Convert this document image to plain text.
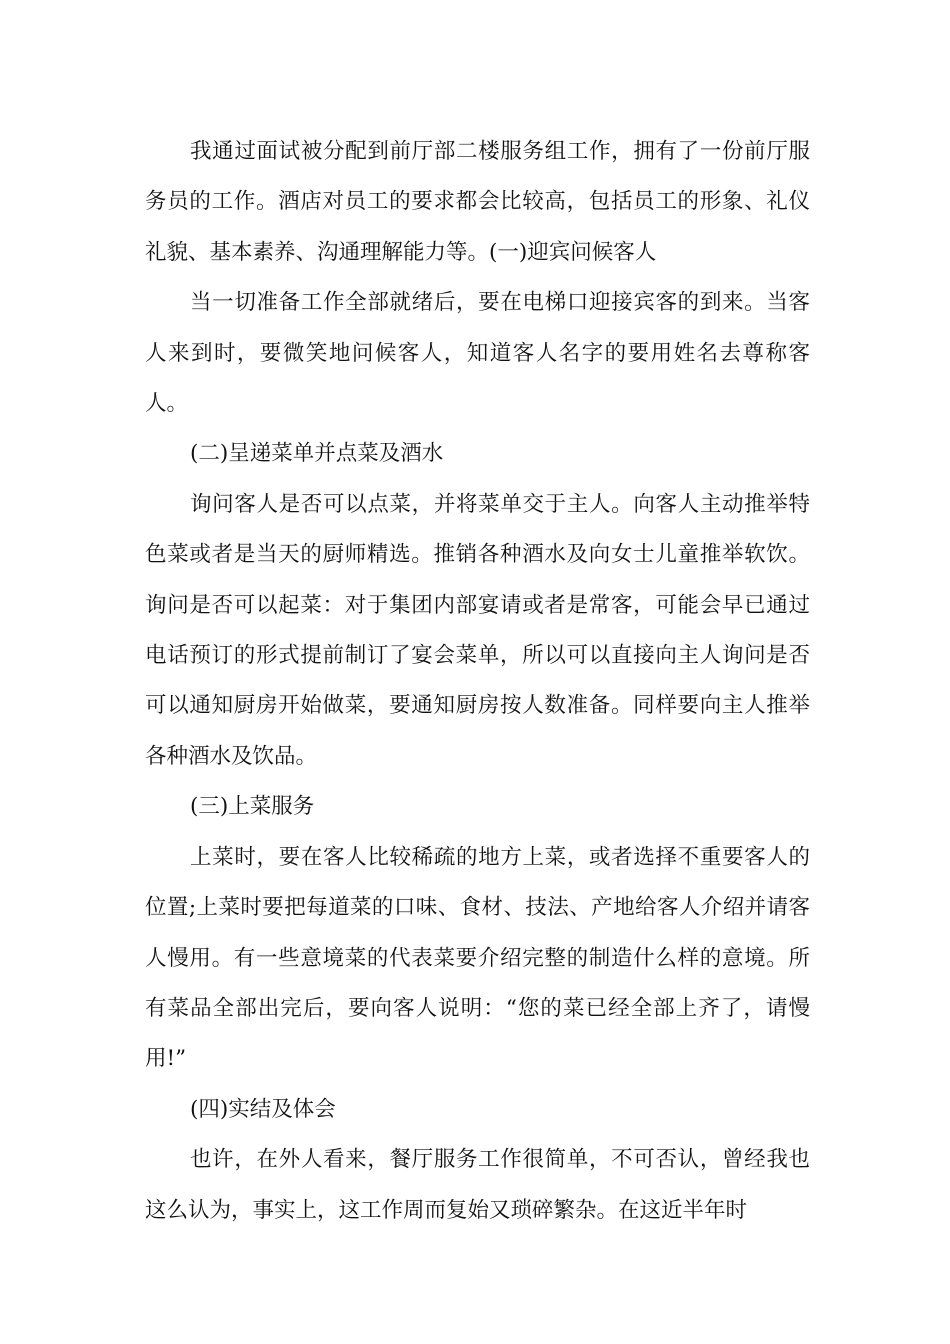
我通过面试被分配到前厅部二楼服务组工作，拥有了一份前厅服务员的工作。酒店对员工的要求都会比较高，包括员工的形象、礼仪礼貌、基本素养、沟通理解能力等。(一)迎宾问候客人

当一切准备工作全部就绪后，要在电梯口迎接宾客的到来。当客人来到时，要微笑地问候客人，知道客人名字的要用姓名去尊称客人。

(二)呈递菜单并点菜及酒水

询问客人是否可以点菜，并将菜单交于主人。向客人主动推举特色菜或者是当天的厨师精选。推销各种酒水及向女士儿童推举软饮。询问是否可以起菜：对于集团内部宴请或者是常客，可能会早已通过电话预订的形式提前制订了宴会菜单，所以可以直接向主人询问是否可以通知厨房开始做菜，要通知厨房按人数准备。同样要向主人推举各种酒水及饮品。

(三)上菜服务

上菜时，要在客人比较稀疏的地方上菜，或者选择不重要客人的位置;上菜时要把每道菜的口味、食材、技法、产地给客人介绍并请客人慢用。有一些意境菜的代表菜要介绍完整的制造什么样的意境。所有菜品全部出完后，要向客人说明：“您的菜已经全部上齐了，请慢用!”

(四)实结及体会

也许，在外人看来，餐厅服务工作很简单，不可否认，曾经我也这么认为，事实上，这工作周而复始又琐碎繁杂。在这近半年时
